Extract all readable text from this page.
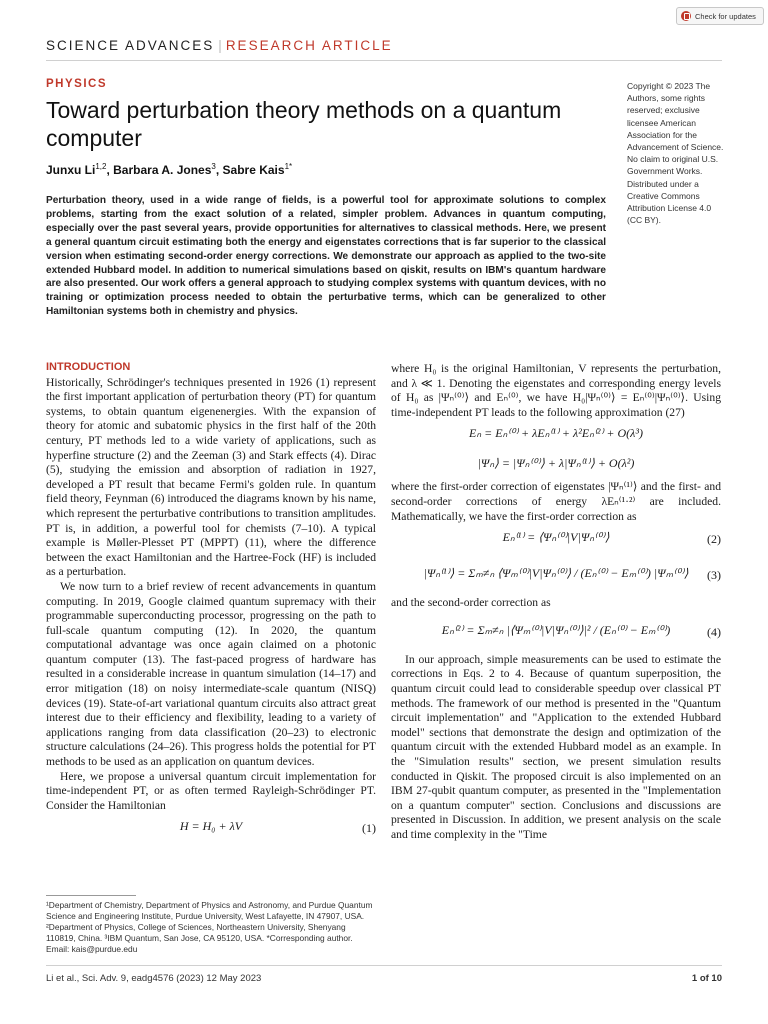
Check for updates
SCIENCE ADVANCES | RESEARCH ARTICLE
PHYSICS
Toward perturbation theory methods on a quantum computer
Junxu Li$^{1,2}$, Barbara A. Jones$^3$, Sabre Kais$^{1*}$

Perturbation theory, used in a wide range of fields, is a powerful tool for approximate solutions to complex problems, starting from the exact solution of a related, simpler problem. Advances in quantum computing, especially over the past several years, provide opportunities for alternatives to classical methods. Here, we present a general quantum circuit estimating both the energy and eigenstates corrections that is far superior to the classical version when estimating second-order energy corrections. We demonstrate our approach as applied to the two-site extended Hubbard model. In addition to numerical simulations based on qiskit, results on IBM's quantum hardware are also presented. Our work offers a general approach to studying complex systems with quantum devices, with no training or optimization process needed to obtain the perturbative terms, which can be generalized to other Hamiltonian systems both in chemistry and physics.

Copyright © 2023 The Authors, some rights reserved; exclusive licensee American Association for the Advancement of Science. No claim to original U.S. Government Works. Distributed under a Creative Commons Attribution License 4.0 (CC BY).

INTRODUCTION

Historically, Schrödinger's techniques presented in 1926 (1) represent the first important application of perturbation theory (PT) for quantum systems, to obtain quantum eigenenergies. With the expansion of theory for atomic and subatomic physics in the first half of the 20th century, PT methods led to a wide variety of applications, such as hyperfine structure (2) and the Zeeman (3) and Stark effects (4). Dirac (5), studying the emission and absorption of radiation in 1927, developed a PT result that became Fermi's golden rule. In quantum field theory, Feynman (6) introduced the diagrams known by his name, which represent the perturbative contributions to transition amplitudes. PT is, in addition, a powerful tool for chemists (7–10). A typical example is Møller-Plesset PT (MPPT) (11), where the difference between the exact Hamiltonian and the Hartree-Fock (HF) is included as a perturbation.

We now turn to a brief review of recent advancements in quantum computing. In 2019, Google claimed quantum supremacy with their programmable superconducting processor, progressing on the path to full-scale quantum computing (12). In 2020, the quantum computational advantage was once again claimed on a photonic quantum computer (13). The fast-paced progress of hardware has resulted in a considerable increase in quantum simulation (14–17) and error mitigation (18) on noisy intermediate-scale quantum (NISQ) devices (19). State-of-art variational quantum circuits also attract great interest due to their efficiency and flexibility, leading to a variety of applications ranging from data classification (20–23) to electronic structure calculations (24–26). This progress holds the potential for PT methods to be used as an application on quantum devices.

Here, we propose a universal quantum circuit implementation for time-independent PT, or as often termed Rayleigh-Schrödinger PT. Consider the Hamiltonian

H = H₀ + λV	(1)

where H₀ is the original Hamiltonian, V represents the perturbation, and λ ≪ 1. Denoting the eigenstates and corresponding energy levels of H₀ as |Ψₙ⁽⁰⁾⟩ and Eₙ⁽⁰⁾, we have H₀|Ψₙ⁽⁰⁾⟩ = Eₙ⁽⁰⁾|Ψₙ⁽⁰⁾⟩. Using time-independent PT leads to the following approximation (27)

Eₙ = Eₙ⁽⁰⁾ + λEₙ⁽¹⁾ + λ²Eₙ⁽²⁾ + O(λ³)
|Ψₙ⟩ = |Ψₙ⁽⁰⁾⟩ + λ|Ψₙ⁽¹⁾⟩ + O(λ²)

where the first-order correction of eigenstates |Ψₙ⁽¹⁾⟩ and the first- and second-order corrections of energy λEₙ⁽¹·²⁾ are included. Mathematically, we have the first-order correction as

Eₙ⁽¹⁾ = ⟨Ψₙ⁽⁰⁾|V|Ψₙ⁽⁰⁾⟩	(2)
|Ψₙ⁽¹⁾⟩ = Σₘ≠ₙ ⟨Ψₘ⁽⁰⁾|V|Ψₙ⁽⁰⁾⟩ / (Eₙ⁽⁰⁾ − Eₘ⁽⁰⁾) |Ψₘ⁽⁰⁾⟩ (3)

and the second-order correction as

Eₙ⁽²⁾ = Σₘ≠ₙ |⟨Ψₘ⁽⁰⁾|V|Ψₙ⁽⁰⁾⟩|² / (Eₙ⁽⁰⁾ − Eₘ⁽⁰⁾)	(4)

In our approach, simple measurements can be used to estimate the corrections in Eqs. 2 to 4. Because of quantum superposition, the quantum circuit could lead to considerable speedup over classical PT methods. The framework of our method is presented in the "Quantum circuit implementation" and "Application to the extended Hubbard model" sections that demonstrate the design and optimization of the quantum circuit with the extended Hubbard model as an example. In the "Simulation results" section, we present simulation results conducted in Qiskit. The proposed circuit is also implemented on an IBM 27-qubit quantum computer, as presented in the "Implementation on a quantum computer" section. Conclusions and discussions are presented in Discussion. In addition, we present analysis on the scale and time complexity in the "Time

¹Department of Chemistry, Department of Physics and Astronomy, and Purdue Quantum Science and Engineering Institute, Purdue University, West Lafayette, IN 47907, USA. ²Department of Physics, College of Sciences, Northeastern University, Shenyang 110819, China. ³IBM Quantum, San Jose, CA 95120, USA. *Corresponding author. Email: kais@purdue.edu

Li et al., Sci. Adv. 9, eadg4576 (2023) 12 May 2023	1 of 10
